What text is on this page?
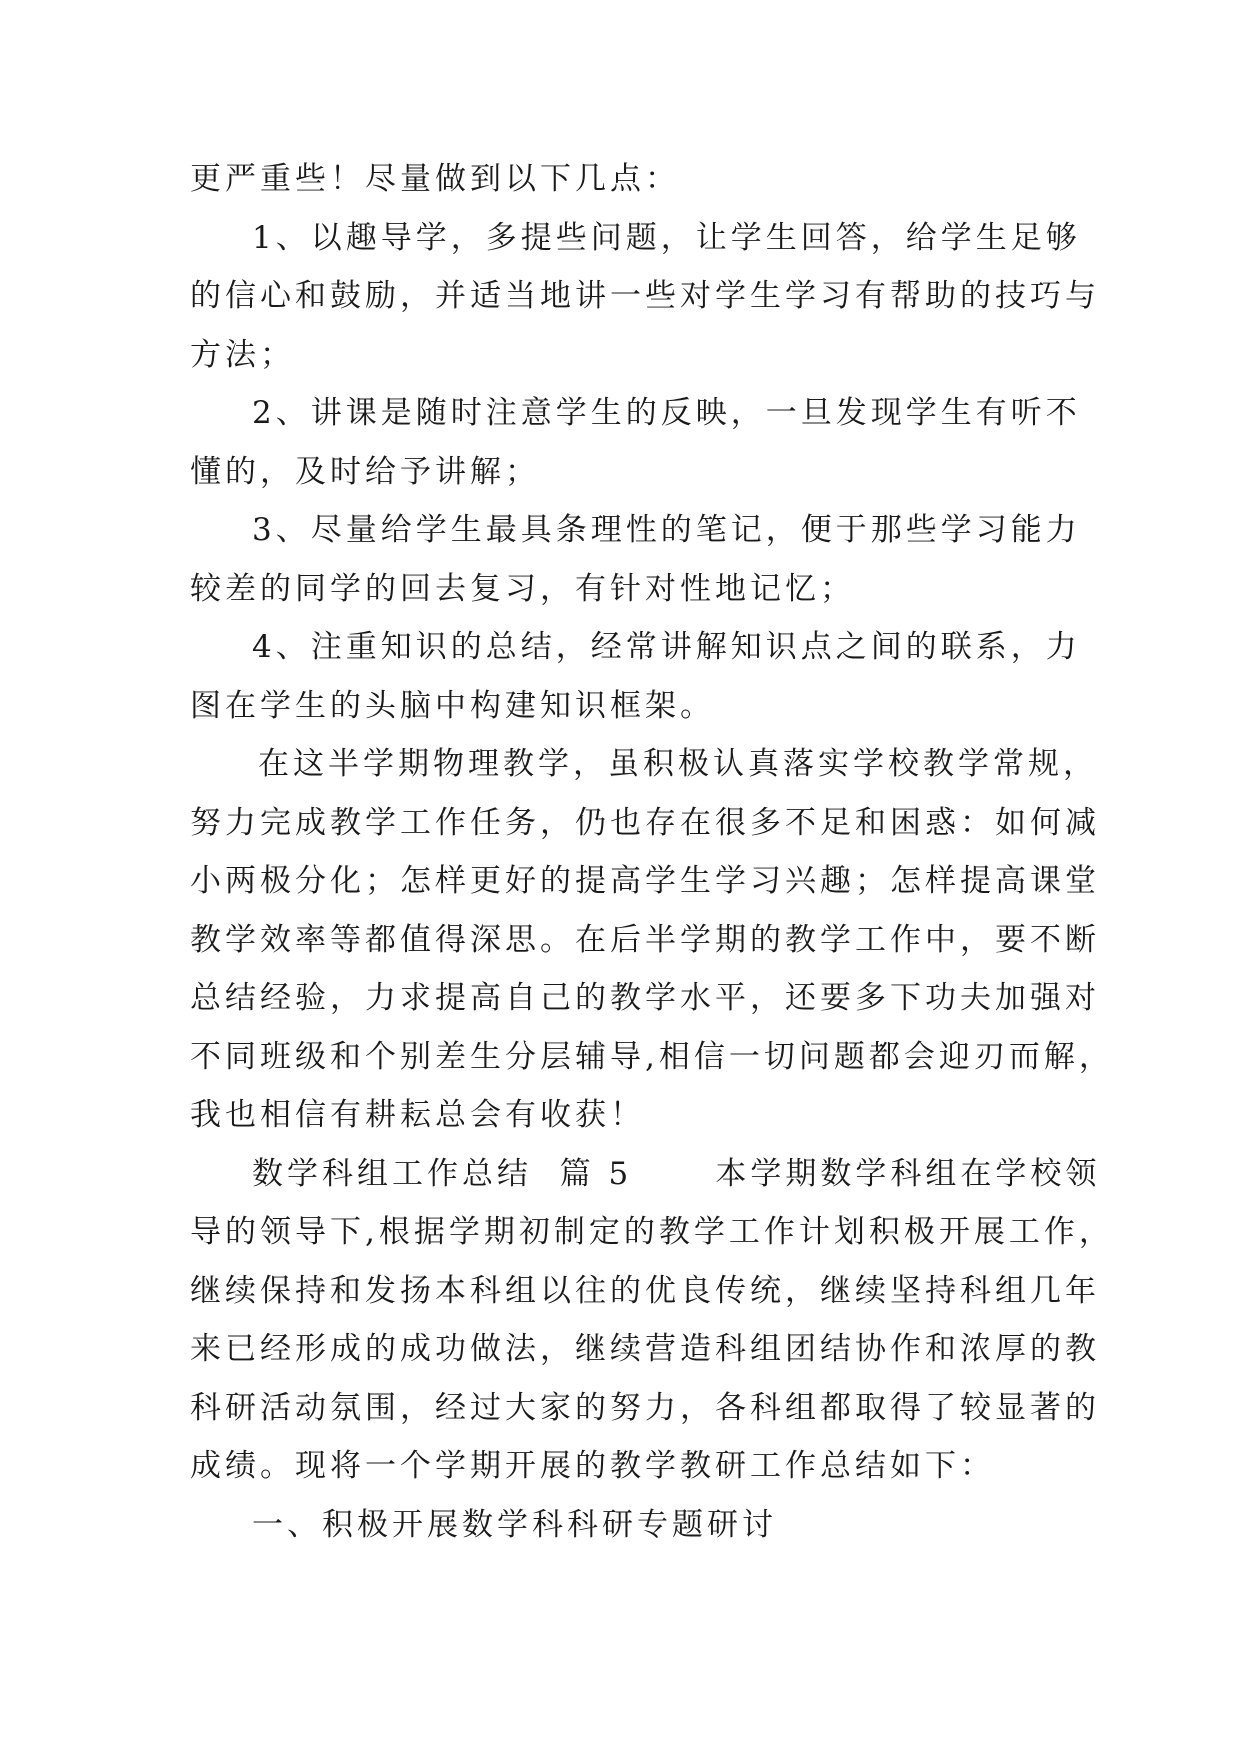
更严重些！尽量做到以下几点：
1、以趣导学，多提些问题，让学生回答，给学生足够
的信心和鼓励，并适当地讲一些对学生学习有帮助的技巧与
方法；
2、讲课是随时注意学生的反映，一旦发现学生有听不
懂的，及时给予讲解；
3、尽量给学生最具条理性的笔记，便于那些学习能力
较差的同学的回去复习，有针对性地记忆；
4、注重知识的总结，经常讲解知识点之间的联系，力
图在学生的头脑中构建知识框架。
在这半学期物理教学，虽积极认真落实学校教学常规，
努力完成教学工作任务，仍也存在很多不足和困惑：如何减
小两极分化；怎样更好的提高学生学习兴趣；怎样提高课堂
教学效率等都值得深思。在后半学期的教学工作中，要不断
总结经验，力求提高自己的教学水平，还要多下功夫加强对
不同班级和个别差生分层辅导,相信一切问题都会迎刃而解，
我也相信有耕耘总会有收获！
数学科组工作总结  篇 5      本学期数学科组在学校领
导的领导下,根据学期初制定的教学工作计划积极开展工作，
继续保持和发扬本科组以往的优良传统，继续坚持科组几年
来已经形成的成功做法，继续营造科组团结协作和浓厚的教
科研活动氛围，经过大家的努力，各科组都取得了较显著的
成绩。现将一个学期开展的教学教研工作总结如下：
一、积极开展数学科科研专题研讨
